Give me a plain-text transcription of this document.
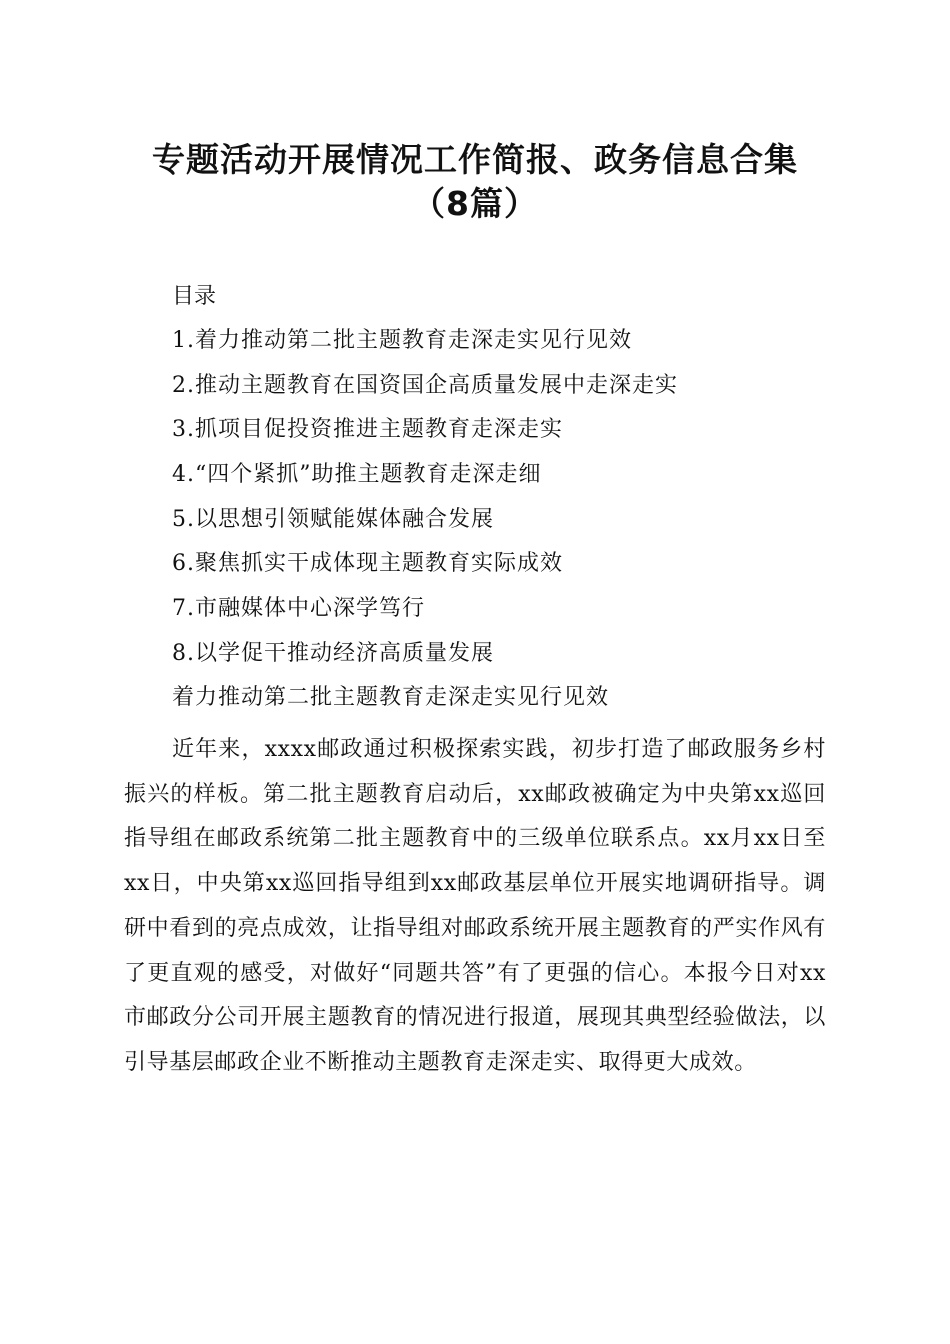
专题活动开展情况工作简报、政务信息合集
（8篇）
目录
1.着力推动第二批主题教育走深走实见行见效
2.推动主题教育在国资国企高质量发展中走深走实
3.抓项目促投资推进主题教育走深走实
4.“四个紧抓”助推主题教育走深走细
5.以思想引领赋能媒体融合发展
6.聚焦抓实干成体现主题教育实际成效
7.市融媒体中心深学笃行
8.以学促干推动经济高质量发展
着力推动第二批主题教育走深走实见行见效

近年来，xxxx邮政通过积极探索实践，初步打造了邮政服务乡村振兴的样板。第二批主题教育启动后，xx邮政被确定为中央第xx巡回指导组在邮政系统第二批主题教育中的三级单位联系点。xx月xx日至xx日，中央第xx巡回指导组到xx邮政基层单位开展实地调研指导。调研中看到的亮点成效，让指导组对邮政系统开展主题教育的严实作风有了更直观的感受，对做好“同题共答”有了更强的信心。本报今日对xx市邮政分公司开展主题教育的情况进行报道，展现其典型经验做法，以引导基层邮政企业不断推动主题教育走深走实、取得更大成效。
